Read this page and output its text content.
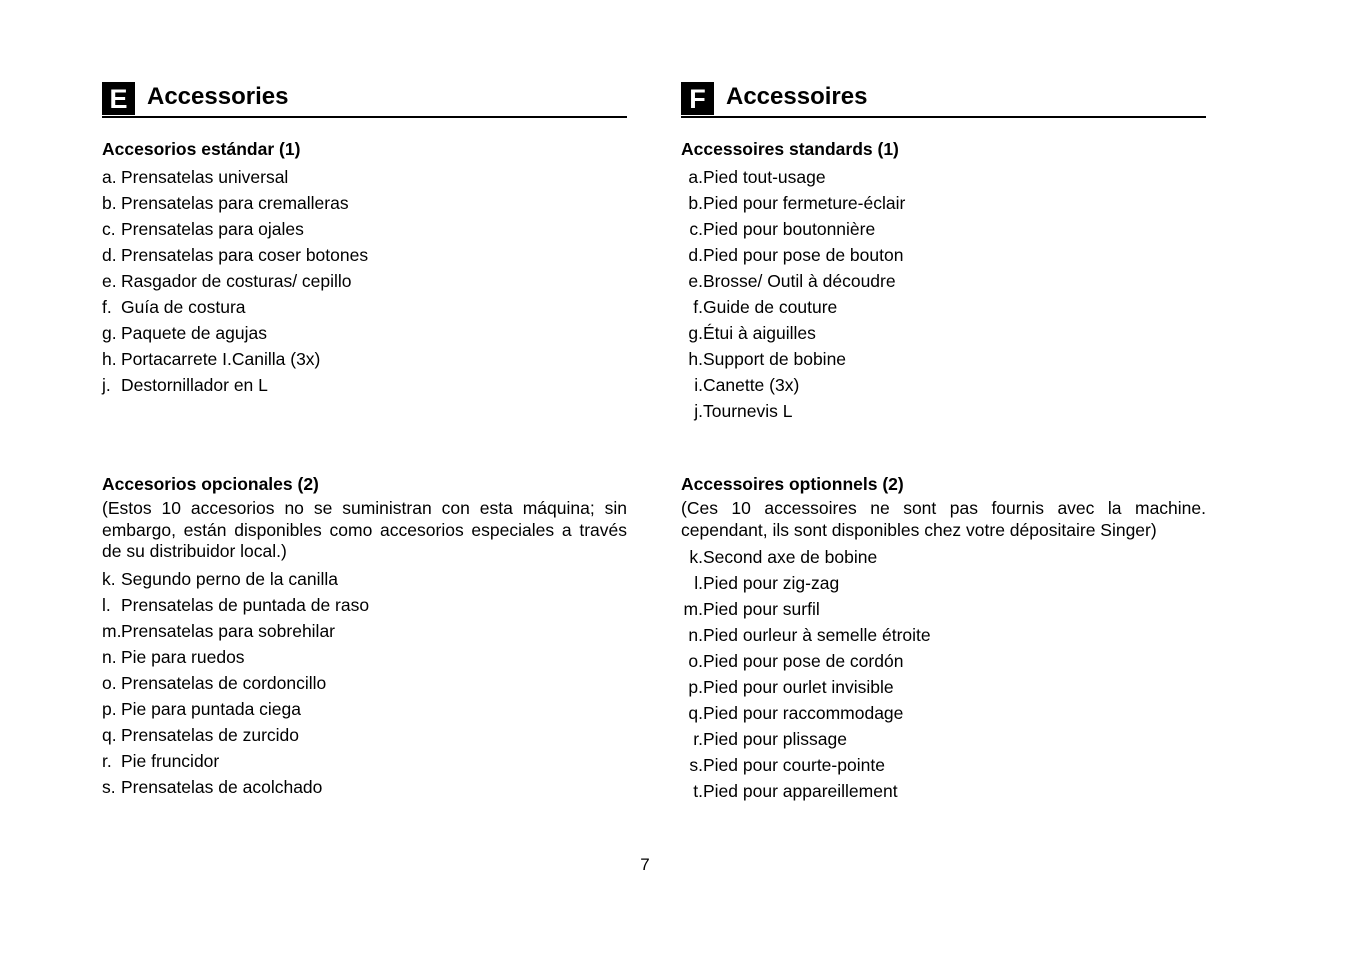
E Accessories

Accesorios estándar (1)

a. Prensatelas universal
b. Prensatelas para cremalleras
c. Prensatelas para ojales
d. Prensatelas para coser botones
e. Rasgador de costuras/ cepillo
f. Guía de costura
g. Paquete de agujas
h. Portacarrete I.Canilla (3x)
j. Destornillador en L

Accesorios opcionales (2)

(Estos 10 accesorios no se suministran con esta máquina; sin embargo, están disponibles como accesorios especiales a través de su distribuidor local.)

k. Segundo perno de la canilla
l. Prensatelas de puntada de raso
m. Prensatelas para sobrehilar
n. Pie para ruedos
o. Prensatelas de cordoncillo
p. Pie para puntada ciega
q. Prensatelas de zurcido
r. Pie fruncidor
s. Prensatelas de acolchado
F Accessoires

Accessoires standards (1)

a. Pied tout-usage
b. Pied pour fermeture-éclair
c. Pied pour boutonnière
d. Pied pour pose de bouton
e. Brosse/ Outil à découdre
f. Guide de couture
g. Étui à aiguilles
h. Support de bobine
i. Canette (3x)
j. Tournevis L

Accessoires optionnels (2)

(Ces 10 accessoires ne sont pas fournis avec la machine. cependant, ils sont disponibles chez votre dépositaire Singer)

k. Second axe de bobine
l. Pied pour zig-zag
m. Pied pour surfil
n. Pied ourleur à semelle étroite
o. Pied pour pose de cordón
p. Pied pour ourlet invisible
q. Pied pour raccommodage
r. Pied pour plissage
s. Pied pour courte-pointe
t. Pied pour appareillement
7
